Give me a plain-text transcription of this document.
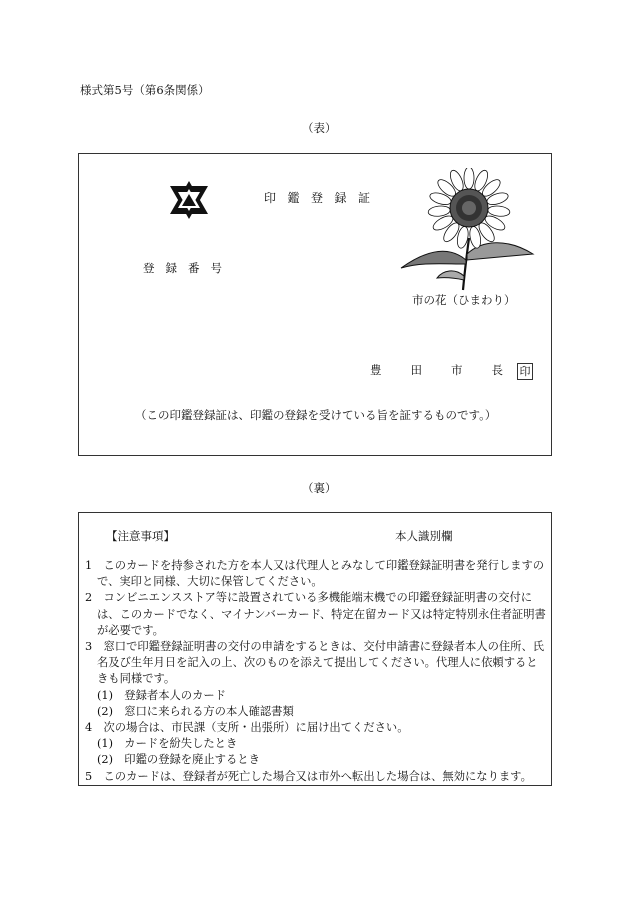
様式第5号（第6条関係）
（表）
印鑑登録証
登録番号
市の花（ひまわり）
豊	田	市	長 印
（この印鑑登録証は、印鑑の登録を受けている旨を証するものです。）
（裏）
【注意事項】	本人識別欄
1　このカードを持参された方を本人又は代理人とみなして印鑑登録証明書を発行しますので、実印と同様、大切に保管してください。
2　コンビニエンスストア等に設置されている多機能端末機での印鑑登録証明書の交付には、このカードでなく、マイナンバーカード、特定在留カード又は特定特別永住者証明書が必要です。
3　窓口で印鑑登録証明書の交付の申請をするときは、交付申請書に登録者本人の住所、氏名及び生年月日を記入の上、次のものを添えて提出してください。代理人に依頼するときも同様です。
(1)　登録者本人のカード
(2)　窓口に来られる方の本人確認書類
4　次の場合は、市民課（支所・出張所）に届け出てください。
(1)　カードを紛失したとき
(2)　印鑑の登録を廃止するとき
5　このカードは、登録者が死亡した場合又は市外へ転出した場合は、無効になります。
